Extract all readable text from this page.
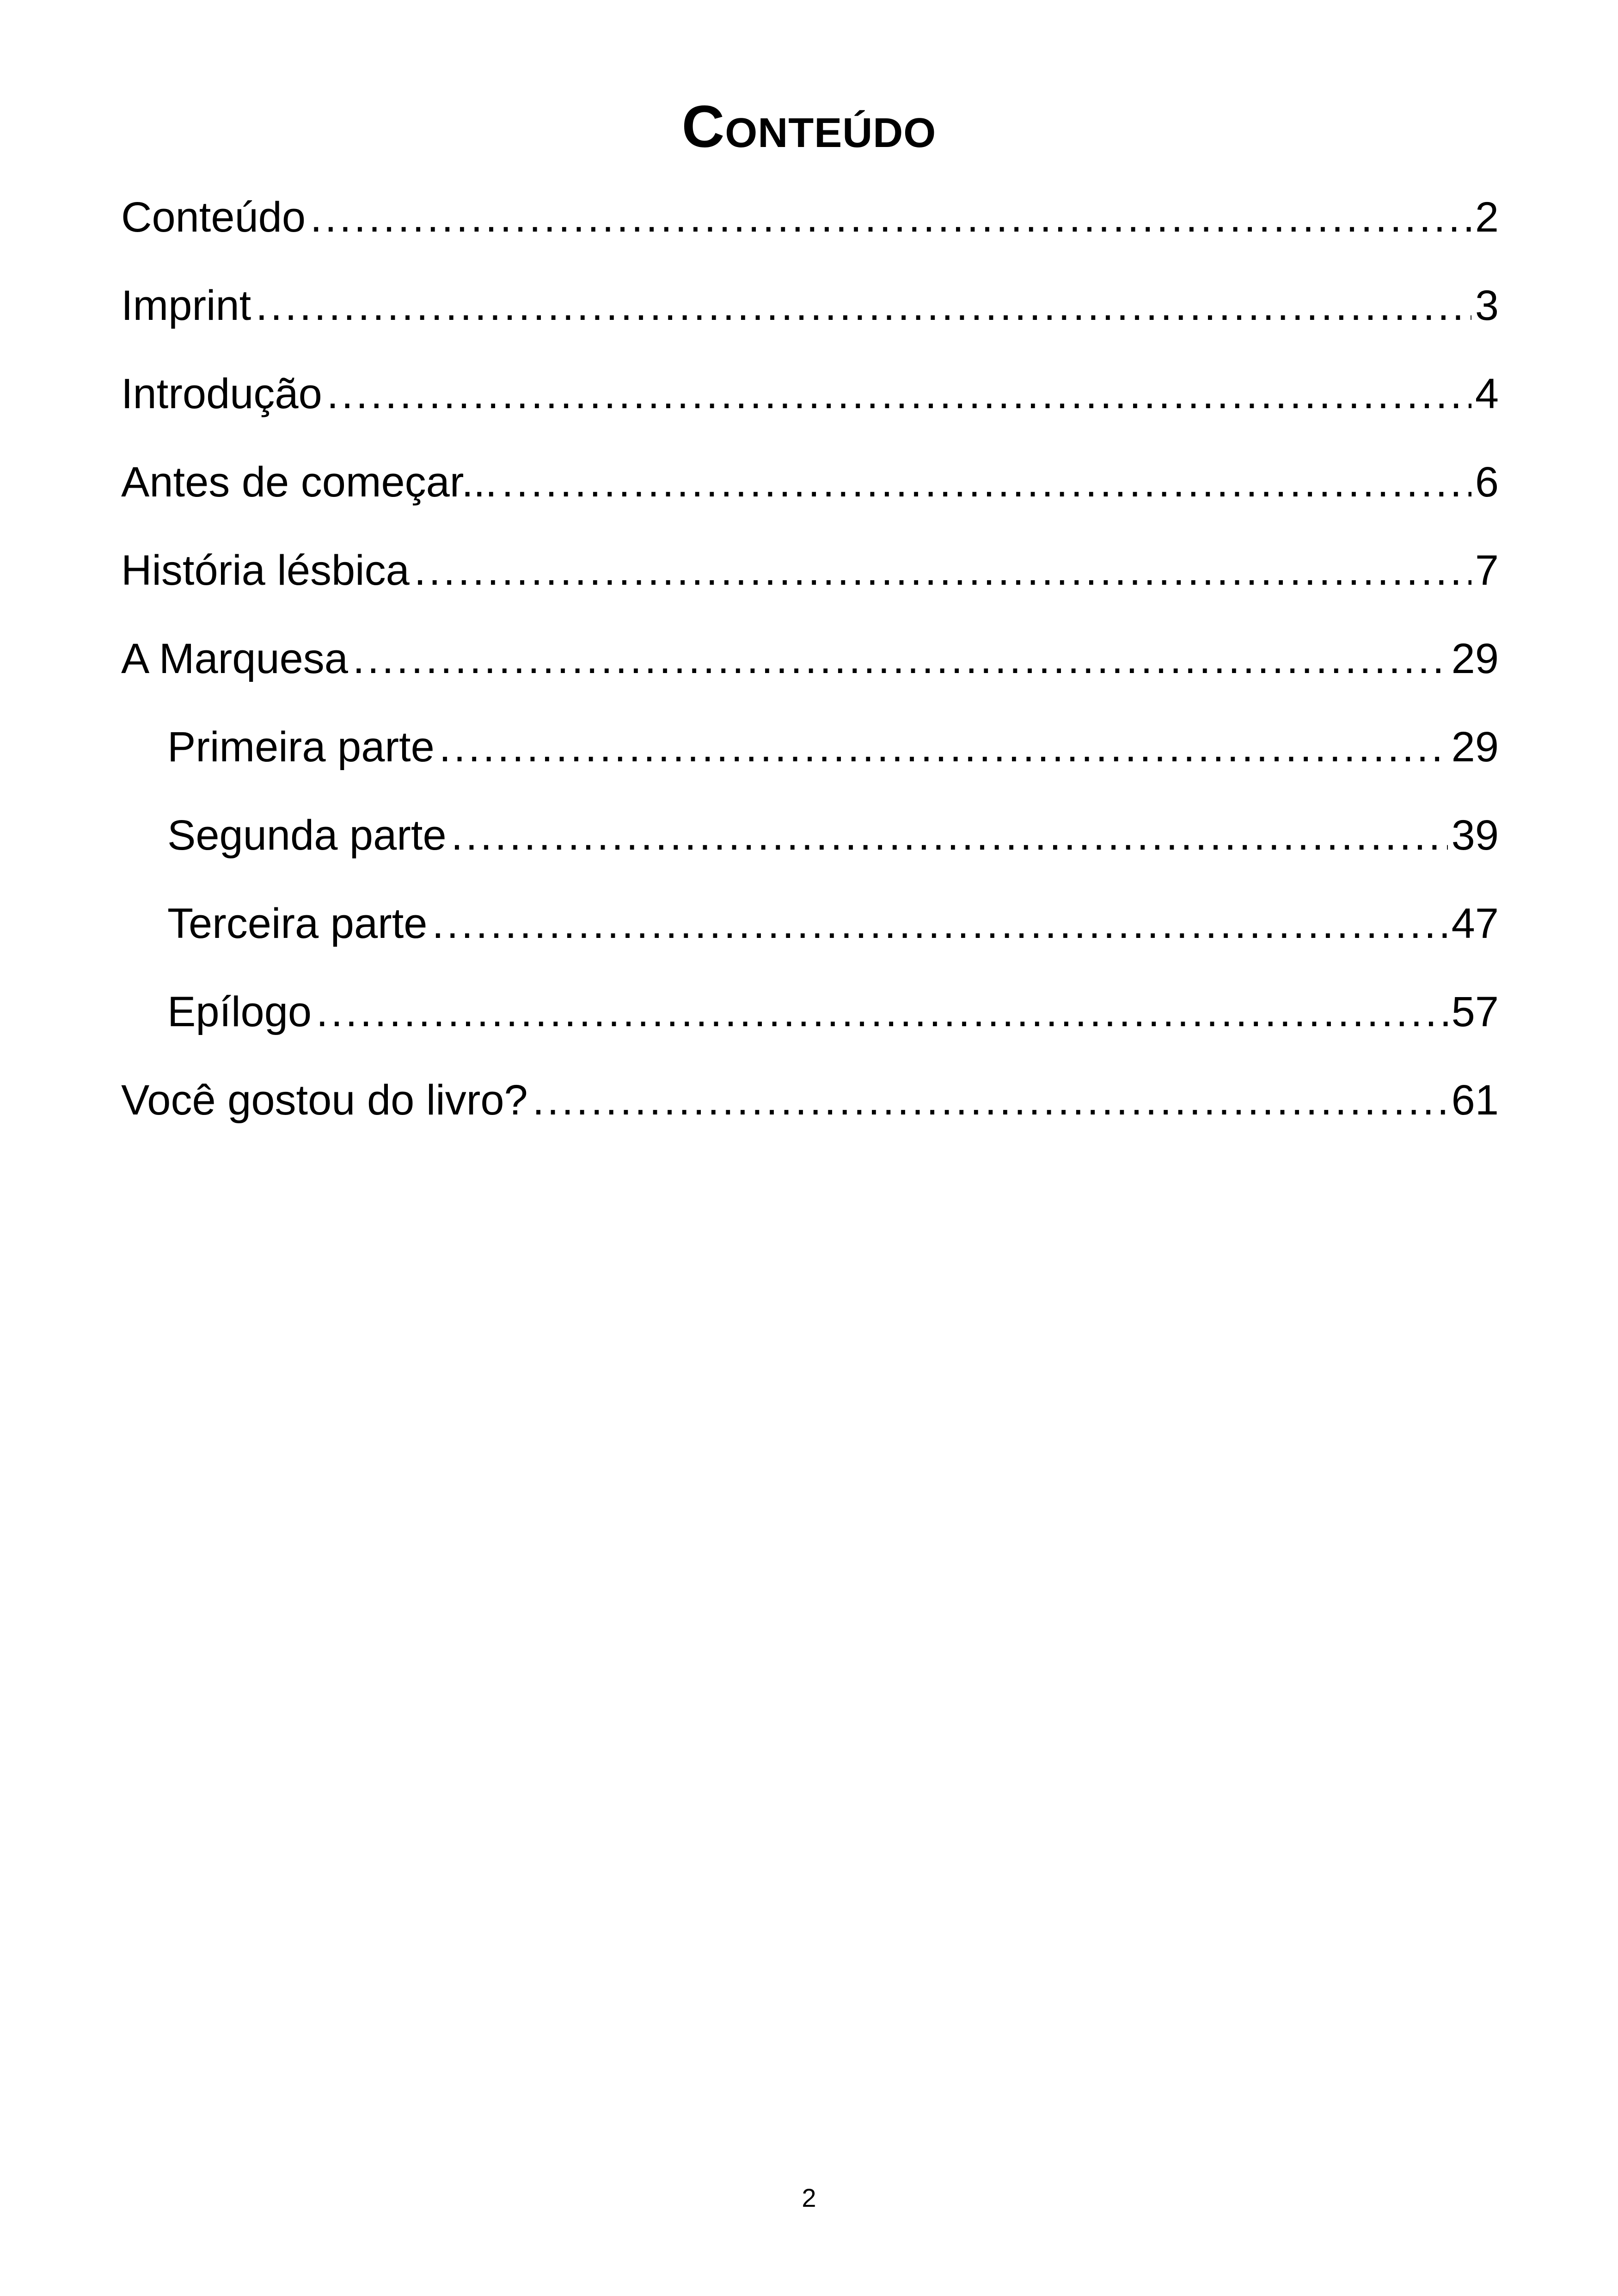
Conteúdo
Conteúdo .....	2
Imprint .....	3
Introdução .....	4
Antes de começar... .....	6
História lésbica .....	7
A Marquesa .....	29
Primeira parte .....	29
Segunda parte .....	39
Terceira parte .....	47
Epílogo .....	57
Você gostou do livro? .....	61
2
